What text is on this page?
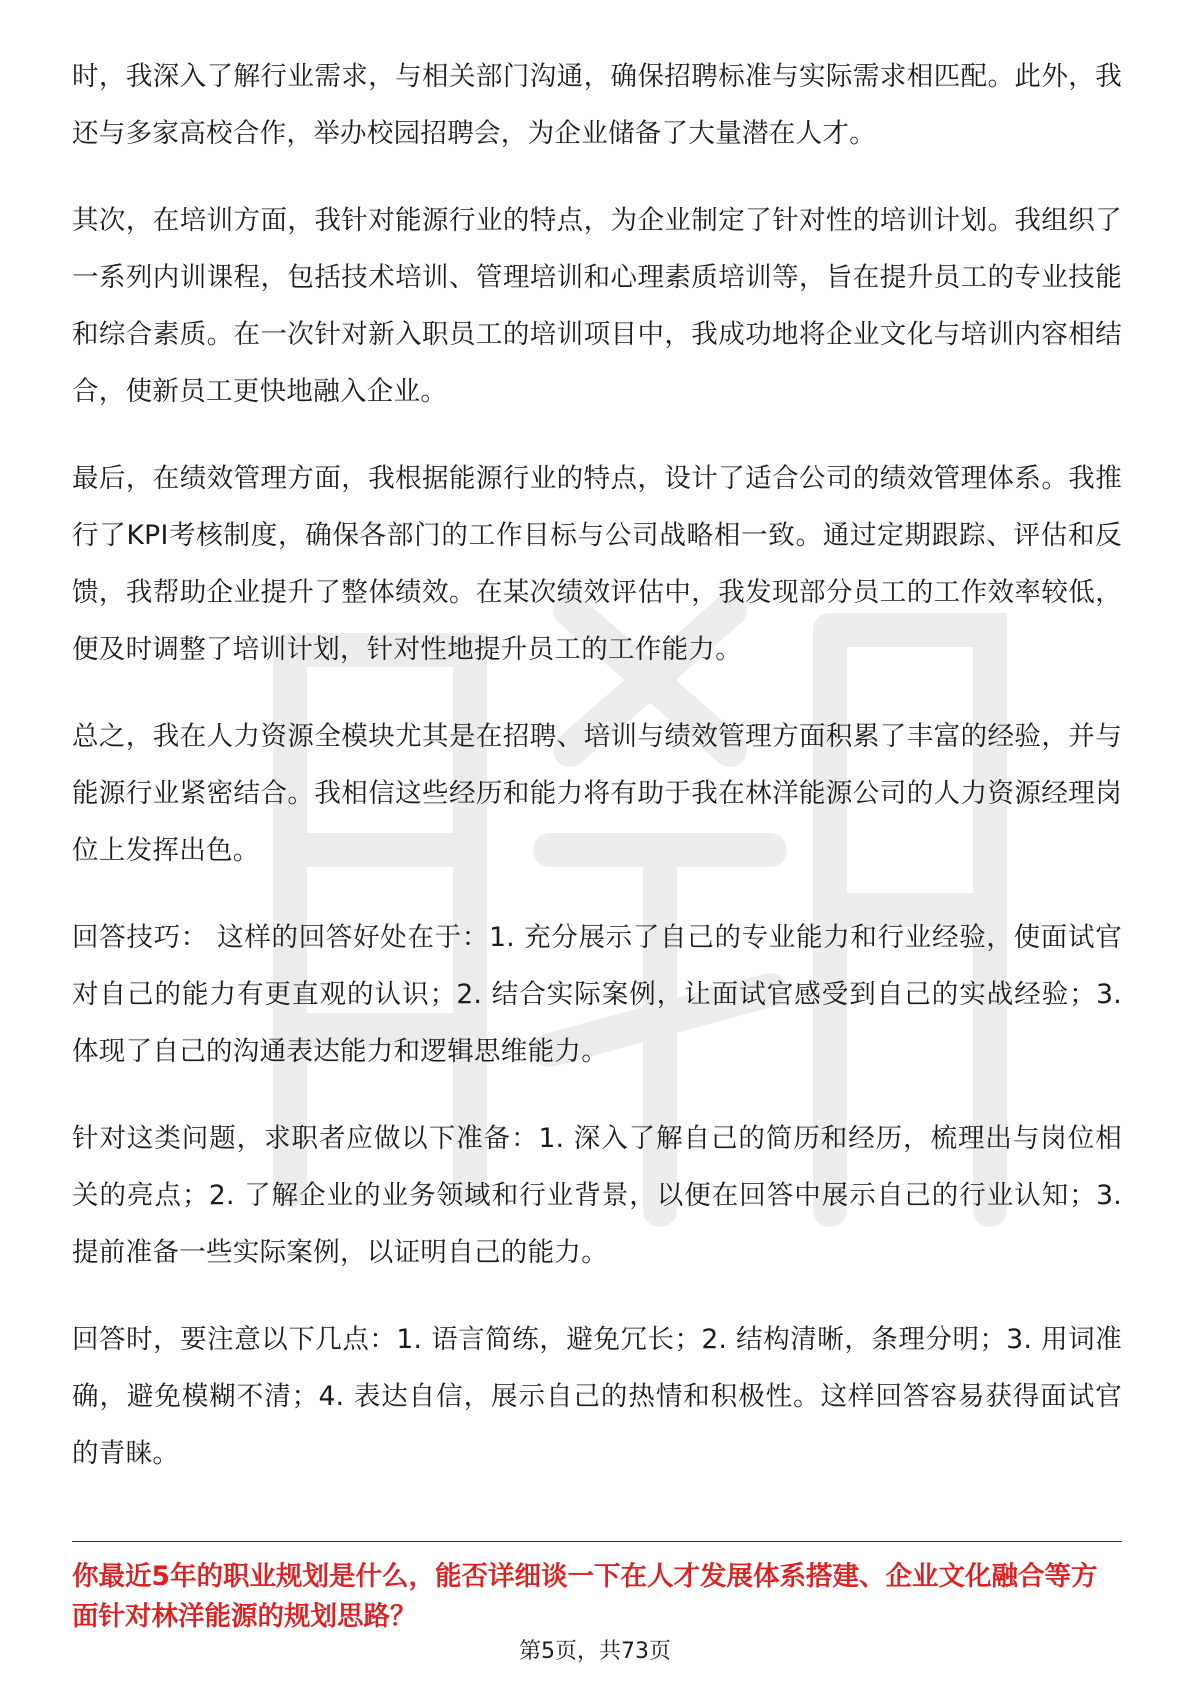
时，我深入了解行业需求，与相关部门沟通，确保招聘标准与实际需求相匹配。此外，我还与多家高校合作，举办校园招聘会，为企业储备了大量潜在人才。

其次，在培训方面，我针对能源行业的特点，为企业制定了针对性的培训计划。我组织了一系列内训课程，包括技术培训、管理培训和心理素质培训等，旨在提升员工的专业技能和综合素质。在一次针对新入职员工的培训项目中，我成功地将企业文化与培训内容相结合，使新员工更快地融入企业。

最后，在绩效管理方面，我根据能源行业的特点，设计了适合公司的绩效管理体系。我推行了KPI考核制度，确保各部门的工作目标与公司战略相一致。通过定期跟踪、评估和反馈，我帮助企业提升了整体绩效。在某次绩效评估中，我发现部分员工的工作效率较低，便及时调整了培训计划，针对性地提升员工的工作能力。

总之，我在人力资源全模块尤其是在招聘、培训与绩效管理方面积累了丰富的经验，并与能源行业紧密结合。我相信这些经历和能力将有助于我在林洋能源公司的人力资源经理岗位上发挥出色。

回答技巧： 这样的回答好处在于：1. 充分展示了自己的专业能力和行业经验，使面试官对自己的能力有更直观的认识；2. 结合实际案例，让面试官感受到自己的实战经验；3. 体现了自己的沟通表达能力和逻辑思维能力。

针对这类问题，求职者应做以下准备：1. 深入了解自己的简历和经历，梳理出与岗位相关的亮点；2. 了解企业的业务领域和行业背景，以便在回答中展示自己的行业认知；3. 提前准备一些实际案例，以证明自己的能力。

回答时，要注意以下几点：1. 语言简练，避免冗长；2. 结构清晰，条理分明；3. 用词准确，避免模糊不清；4. 表达自信，展示自己的热情和积极性。这样回答容易获得面试官的青睐。

你最近5年的职业规划是什么，能否详细谈一下在人才发展体系搭建、企业文化融合等方面针对林洋能源的规划思路？

第5页，共73页
